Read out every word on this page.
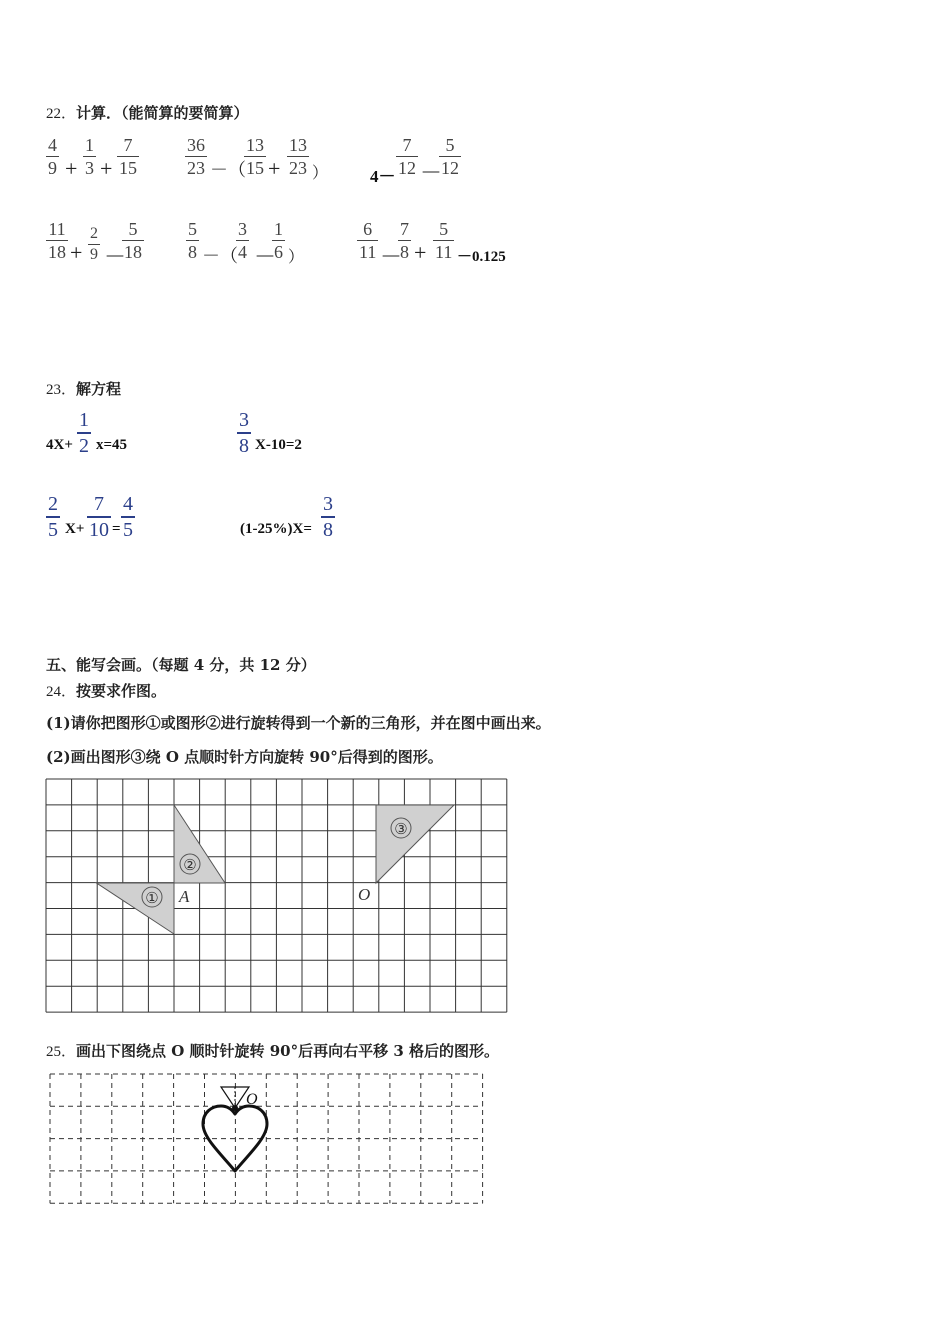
22．计算．（能简算的要简算）
4
9 +
1
3 +
7
15
36
23 －（
13
15 +
13
23 ） 4－
7
12 －
5
12
11
18 +
2
9 －
5
18
5
8 －（
3
4 －
1
6 ）
6
11 －
7
8 +
5
11 －0.125
23．解方程
4X+
1
2 x=45
3
8 X-10=2
2
5 X+
7
10 =
4
5	(1-25%)X=
3
8
五、能写会画。（每题 4 分，共 12 分）
24．按要求作图。
(1)请你把图形①或图形②进行旋转得到一个新的三角形，并在图中画出来。
(2)画出图形③绕 O 点顺时针方向旋转 90°后得到的图形。
①
②
③
A	O
O
25．画出下图绕点 O 顺时针旋转 90°后再向右平移 3 格后的图形。
